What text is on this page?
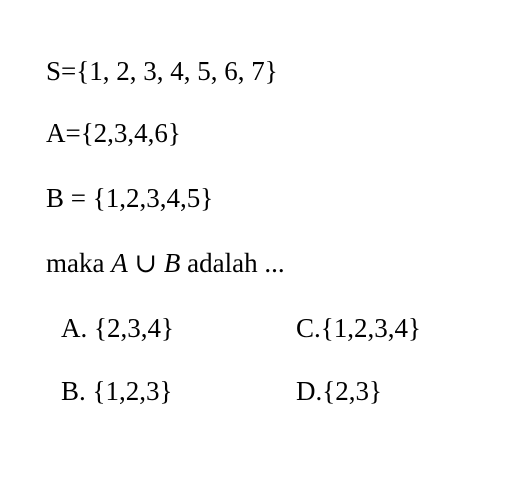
S={1, 2, 3, 4, 5, 6, 7}
A={2,3,4,6}
B = {1,2,3,4,5}
maka A ∪ B adalah ...
A. {2,3,4}	C.{1,2,3,4}
B. {1,2,3}	D.{2,3}
